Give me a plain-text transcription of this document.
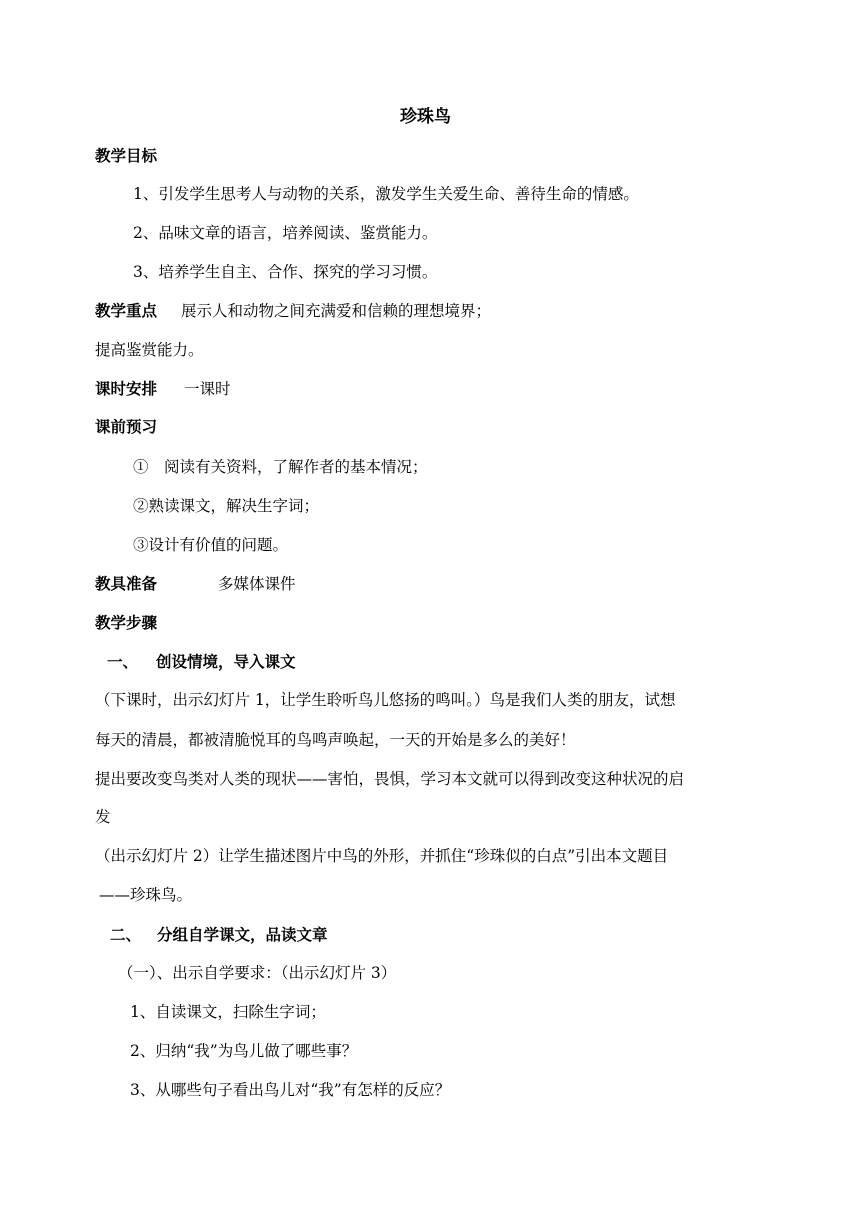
珍珠鸟
教学目标
1、引发学生思考人与动物的关系，激发学生关爱生命、善待生命的情感。
2、品味文章的语言，培养阅读、鉴赏能力。
3、培养学生自主、合作、探究的学习习惯。
教学重点 展示人和动物之间充满爱和信赖的理想境界；
提高鉴赏能力。
课时安排 一课时
课前预习
①　阅读有关资料，了解作者的基本情况；
②熟读课文，解决生字词；
③设计有价值的问题。
教具准备	多媒体课件
教学步骤
一、 创设情境，导入课文
（下课时，出示幻灯片 1，让学生聆听鸟儿悠扬的鸣叫。）鸟是我们人类的朋友，试想
每天的清晨，都被清脆悦耳的鸟鸣声唤起，一天的开始是多么的美好！
提出要改变鸟类对人类的现状——害怕，畏惧，学习本文就可以得到改变这种状况的启
发
（出示幻灯片 2）让学生描述图片中鸟的外形，并抓住“珍珠似的白点”引出本文题目
——珍珠鸟。
二、 分组自学课文，品读文章
（一）、出示自学要求：（出示幻灯片 3）
1、自读课文，扫除生字词；
2、归纳“我”为鸟儿做了哪些事？
3、从哪些句子看出鸟儿对“我”有怎样的反应？
